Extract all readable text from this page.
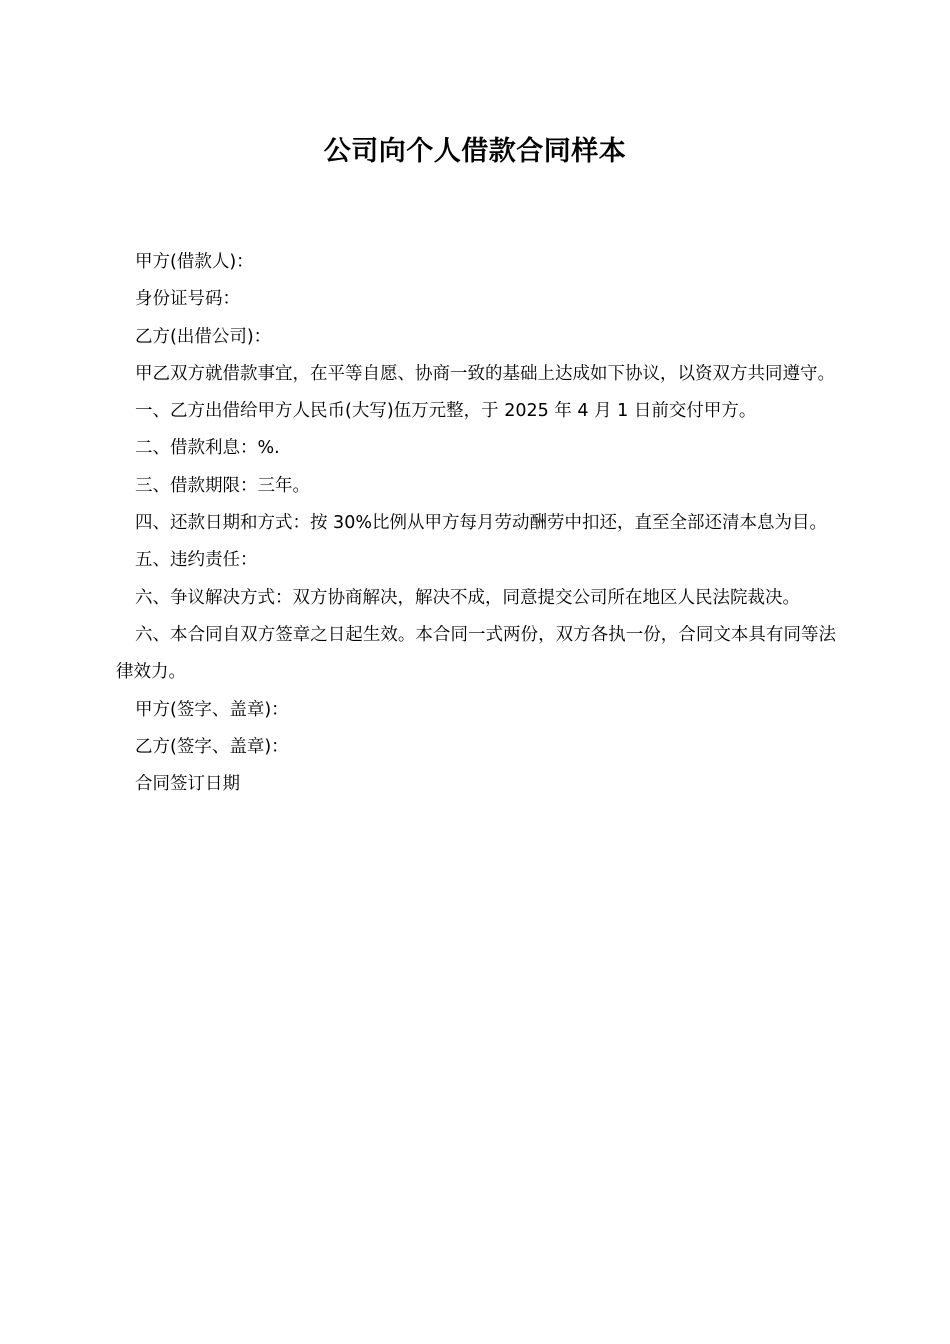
公司向个人借款合同样本

甲方(借款人)：

身份证号码：

乙方(出借公司)：

甲乙双方就借款事宜，在平等自愿、协商一致的基础上达成如下协议，以资双方共同遵守。

一、乙方出借给甲方人民币(大写)伍万元整，于 2025 年 4 月 1 日前交付甲方。

二、借款利息：%.

三、借款期限：三年。

四、还款日期和方式：按 30%比例从甲方每月劳动酬劳中扣还，直至全部还清本息为目。

五、违约责任：

六、争议解决方式：双方协商解决，解决不成，同意提交公司所在地区人民法院裁决。

六、本合同自双方签章之日起生效。本合同一式两份，双方各执一份，合同文本具有同等法律效力。

甲方(签字、盖章)：

乙方(签字、盖章)：

合同签订日期
